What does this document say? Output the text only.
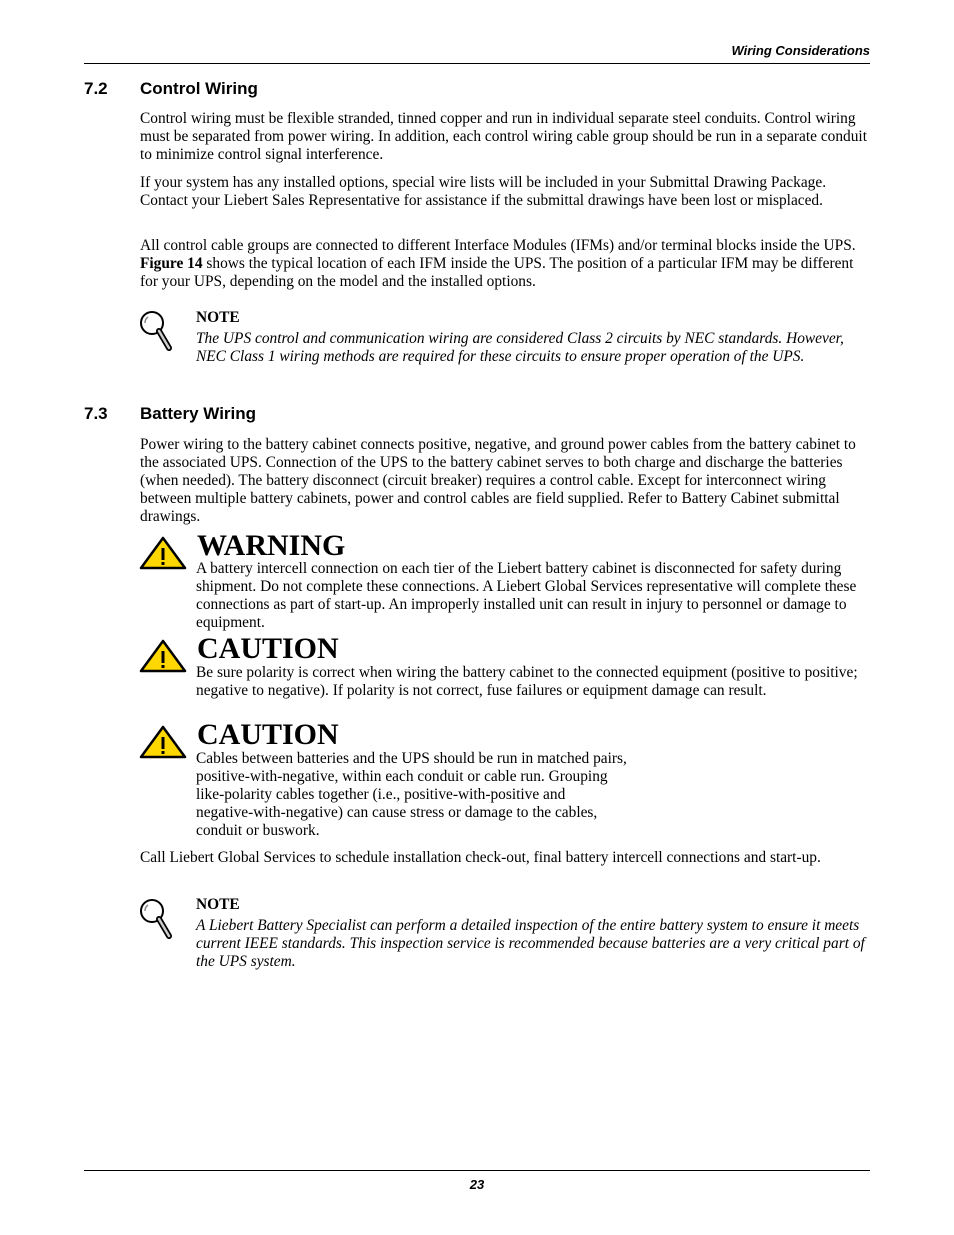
Wiring Considerations
7.2 Control Wiring

Control wiring must be flexible stranded, tinned copper and run in individual separate steel conduits. Control wiring must be separated from power wiring. In addition, each control wiring cable group should be run in a separate conduit to minimize control signal interference.

If your system has any installed options, special wire lists will be included in your Submittal Drawing Package. Contact your Liebert Sales Representative for assistance if the submittal drawings have been lost or misplaced.

All control cable groups are connected to different Interface Modules (IFMs) and/or terminal blocks inside the UPS. Figure 14 shows the typical location of each IFM inside the UPS. The position of a particular IFM may be different for your UPS, depending on the model and the installed options.

NOTE

The UPS control and communication wiring are considered Class 2 circuits by NEC standards. However, NEC Class 1 wiring methods are required for these circuits to ensure proper operation of the UPS.

7.3 Battery Wiring

Power wiring to the battery cabinet connects positive, negative, and ground power cables from the battery cabinet to the associated UPS. Connection of the UPS to the battery cabinet serves to both charge and discharge the batteries (when needed). The battery disconnect (circuit breaker) requires a control cable. Except for interconnect wiring between multiple battery cabinets, power and control cables are field supplied. Refer to Battery Cabinet submittal drawings.

WARNING

A battery intercell connection on each tier of the Liebert battery cabinet is disconnected for safety during shipment. Do not complete these connections. A Liebert Global Services representative will complete these connections as part of start-up. An improperly installed unit can result in injury to personnel or damage to equipment.

CAUTION

Be sure polarity is correct when wiring the battery cabinet to the connected equipment (positive to positive; negative to negative). If polarity is not correct, fuse failures or equipment damage can result.

CAUTION

Cables between batteries and the UPS should be run in matched pairs,
positive-with-negative, within each conduit or cable run. Grouping
like-polarity cables together (i.e., positive-with-positive and
negative-with-negative) can cause stress or damage to the cables,
conduit or buswork.

Call Liebert Global Services to schedule installation check-out, final battery intercell connections and start-up.

NOTE

A Liebert Battery Specialist can perform a detailed inspection of the entire battery system to ensure it meets current IEEE standards. This inspection service is recommended because batteries are a very critical part of the UPS system.

23
